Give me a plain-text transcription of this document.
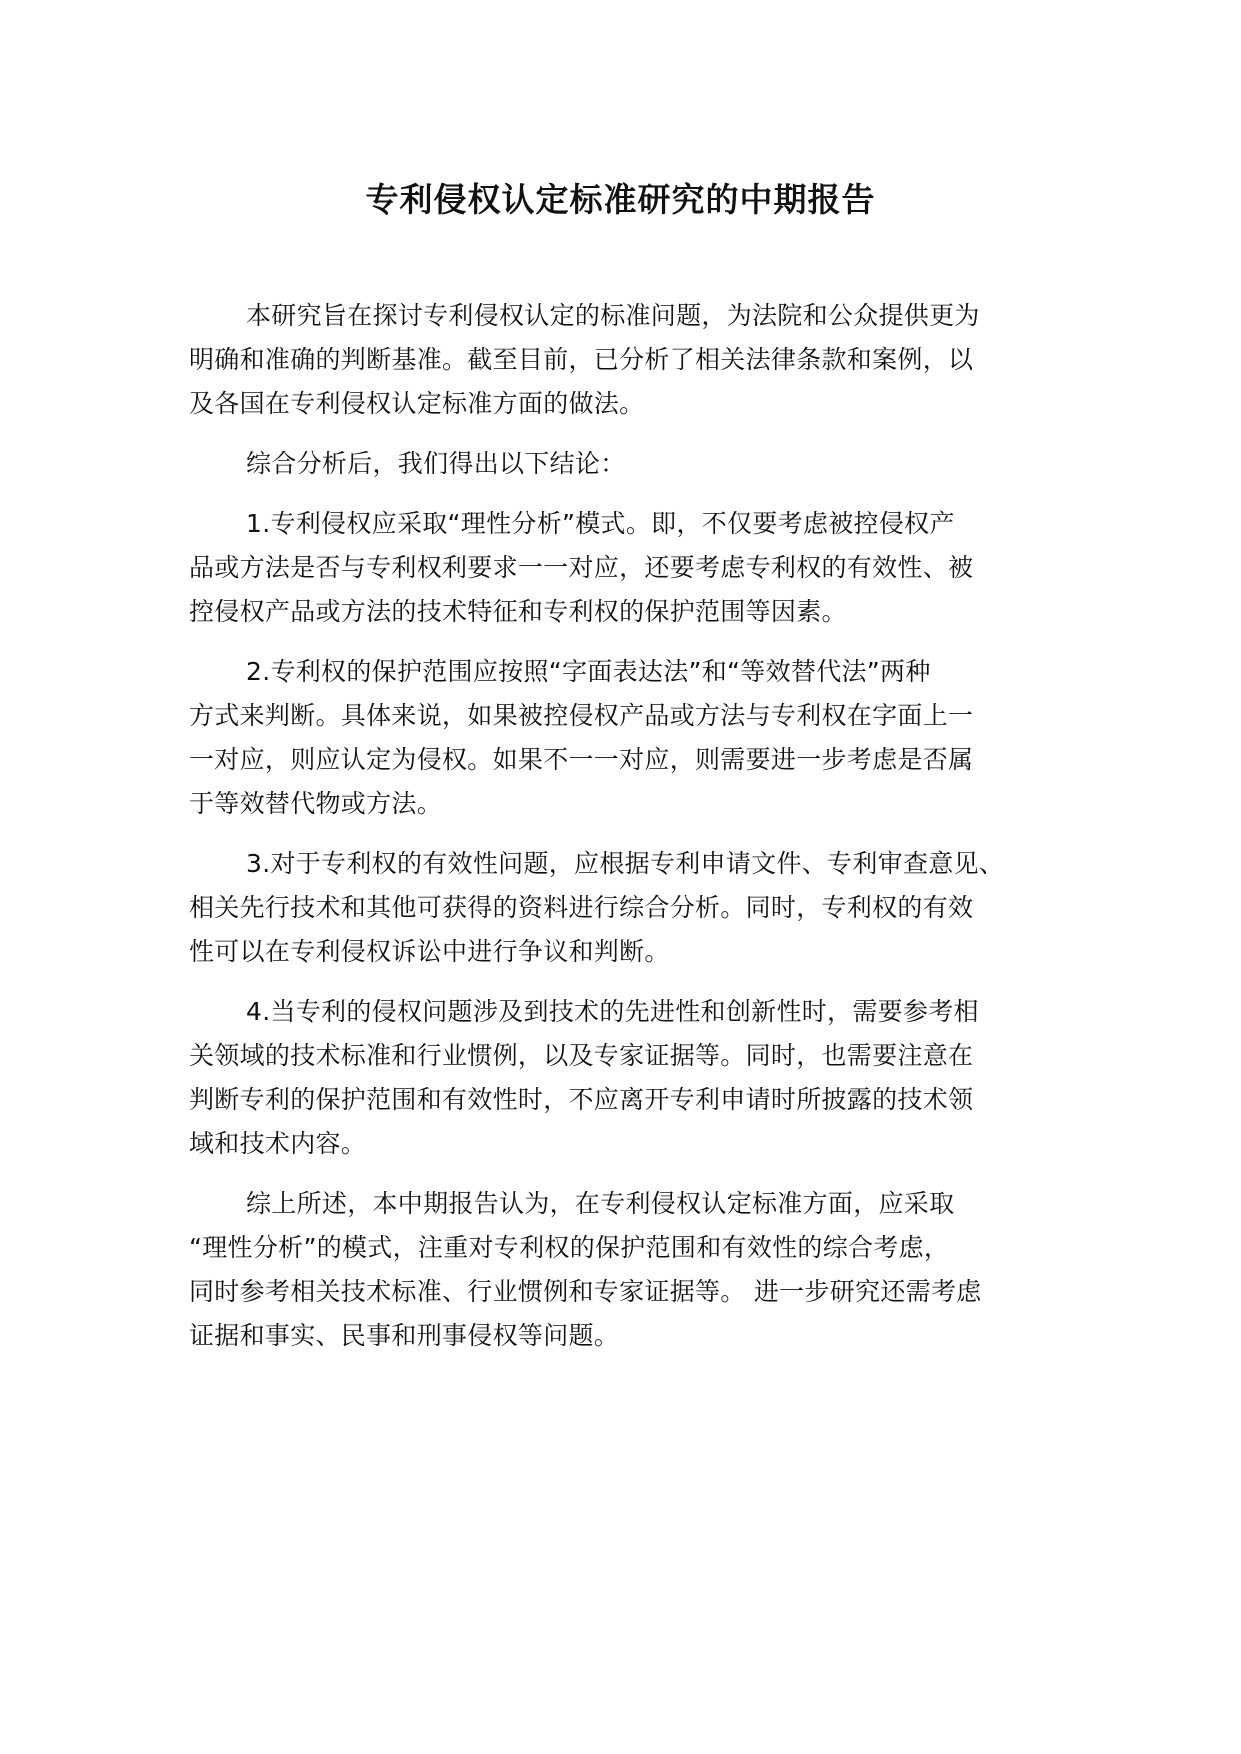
专利侵权认定标准研究的中期报告
本研究旨在探讨专利侵权认定的标准问题，为法院和公众提供更为
明确和准确的判断基准。截至目前，已分析了相关法律条款和案例，以
及各国在专利侵权认定标准方面的做法。
综合分析后，我们得出以下结论：
1.专利侵权应采取“理性分析”模式。即，不仅要考虑被控侵权产
品或方法是否与专利权利要求一一对应，还要考虑专利权的有效性、被
控侵权产品或方法的技术特征和专利权的保护范围等因素。
2.专利权的保护范围应按照“字面表达法”和“等效替代法”两种
方式来判断。具体来说，如果被控侵权产品或方法与专利权在字面上一
一对应，则应认定为侵权。如果不一一对应，则需要进一步考虑是否属
于等效替代物或方法。
3.对于专利权的有效性问题，应根据专利申请文件、专利审查意见、
相关先行技术和其他可获得的资料进行综合分析。同时，专利权的有效
性可以在专利侵权诉讼中进行争议和判断。
4.当专利的侵权问题涉及到技术的先进性和创新性时，需要参考相
关领域的技术标准和行业惯例，以及专家证据等。同时，也需要注意在
判断专利的保护范围和有效性时，不应离开专利申请时所披露的技术领
域和技术内容。
综上所述，本中期报告认为，在专利侵权认定标准方面，应采取
“理性分析”的模式，注重对专利权的保护范围和有效性的综合考虑，
同时参考相关技术标准、行业惯例和专家证据等。 进一步研究还需考虑
证据和事实、民事和刑事侵权等问题。
